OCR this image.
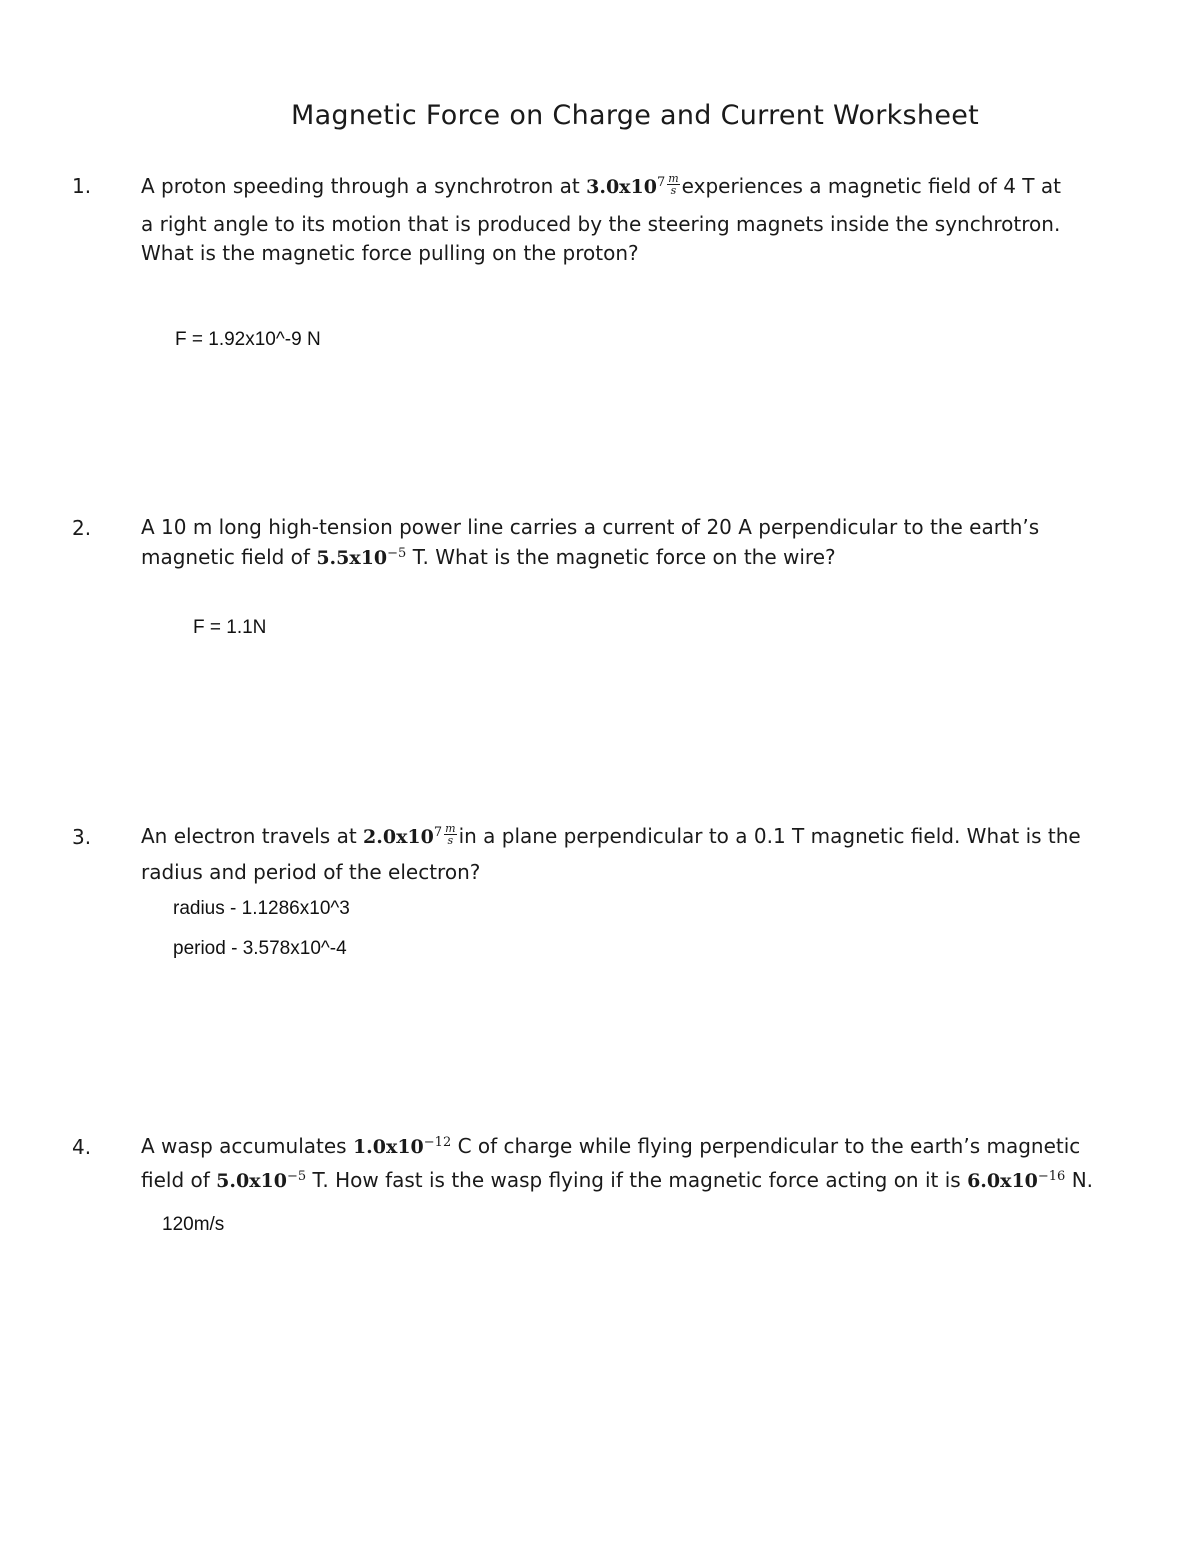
Magnetic Force on Charge and Current Worksheet
1. A proton speeding through a synchrotron at $3.0x10^7 \frac{m}{s}$ experiences a magnetic field of 4 T at
a right angle to its motion that is produced by the steering magnets inside the synchrotron.
What is the magnetic force pulling on the proton?
F = 1.92x10^-9 N
2. A 10 m long high-tension power line carries a current of 20 A perpendicular to the earth’s
magnetic field of $5.5x10^{-5}$ T. What is the magnetic force on the wire?
F = 1.1N
3. An electron travels at $2.0x10^7 \frac{m}{s}$ in a plane perpendicular to a 0.1 T magnetic field. What is the
radius and period of the electron?
radius - 1.1286x10^3
period - 3.578x10^-4
4. A wasp accumulates $1.0x10^{-12}$ C of charge while flying perpendicular to the earth’s magnetic
field of $5.0x10^{-5}$ T. How fast is the wasp flying if the magnetic force acting on it is $6.0x10^{-16}$ N.
120m/s
